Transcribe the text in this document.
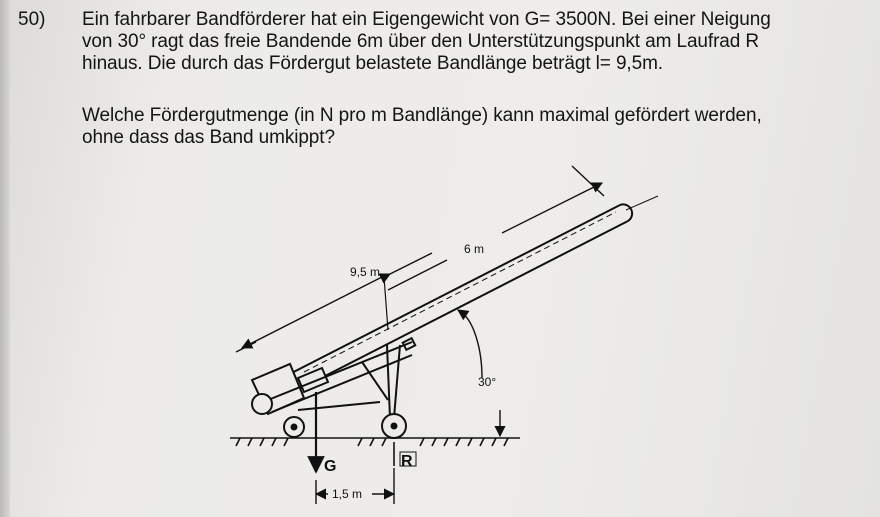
50) Ein fahrbarer Bandförderer hat ein Eigengewicht von G= 3500N. Bei einer Neigung
von 30° ragt das freie Bandende 6m über den Unterstützungspunkt am Laufrad R
hinaus. Die durch das Fördergut belastete Bandlänge beträgt l= 9,5m.
Welche Fördergutmenge (in N pro m Bandlänge) kann maximal gefördert werden,
ohne dass das Band umkippt?
9,5 m
6 m
30°
G	R
1,5 m
